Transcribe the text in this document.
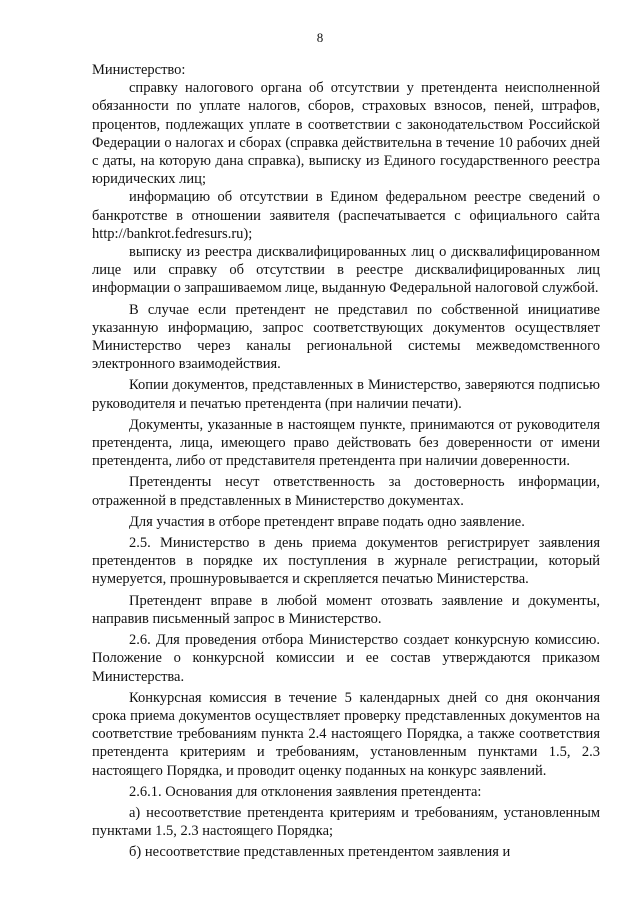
8

Министерство:

справку налогового органа об отсутствии у претендента неисполненной обязанности по уплате налогов, сборов, страховых взносов, пеней, штрафов, процентов, подлежащих уплате в соответствии с законодательством Российской Федерации о налогах и сборах (справка действительна в течение 10 рабочих дней с даты, на которую дана справка), выписку из Единого государственного реестра юридических лиц;

информацию об отсутствии в Едином федеральном реестре сведений о банкротстве в отношении заявителя (распечатывается с официального сайта http://bankrot.fedresurs.ru);

выписку из реестра дисквалифицированных лиц о дисквалифицированном лице или справку об отсутствии в реестре дисквалифицированных лиц информации о запрашиваемом лице, выданную Федеральной налоговой службой.

В случае если претендент не представил по собственной инициативе указанную информацию, запрос соответствующих документов осуществляет Министерство через каналы региональной системы межведомственного электронного взаимодействия.

Копии документов, представленных в Министерство, заверяются подписью руководителя и печатью претендента (при наличии печати).

Документы, указанные в настоящем пункте, принимаются от руководителя претендента, лица, имеющего право действовать без доверенности от имени претендента, либо от представителя претендента при наличии доверенности.

Претенденты несут ответственность за достоверность информации, отраженной в представленных в Министерство документах.

Для участия в отборе претендент вправе подать одно заявление.

2.5. Министерство в день приема документов регистрирует заявления претендентов в порядке их поступления в журнале регистрации, который нумеруется, прошнуровывается и скрепляется печатью Министерства.

Претендент вправе в любой момент отозвать заявление и документы, направив письменный запрос в Министерство.

2.6. Для проведения отбора Министерство создает конкурсную комиссию. Положение о конкурсной комиссии и ее состав утверждаются приказом Министерства.

Конкурсная комиссия в течение 5 календарных дней со дня окончания срока приема документов осуществляет проверку представленных документов на соответствие требованиям пункта 2.4 настоящего Порядка, а также соответствия претендента критериям и требованиям, установленным пунктами 1.5, 2.3 настоящего Порядка, и проводит оценку поданных на конкурс заявлений.

2.6.1. Основания для отклонения заявления претендента:

а) несоответствие претендента критериям и требованиям, установленным пунктами 1.5, 2.3 настоящего Порядка;

б) несоответствие представленных претендентом заявления и
